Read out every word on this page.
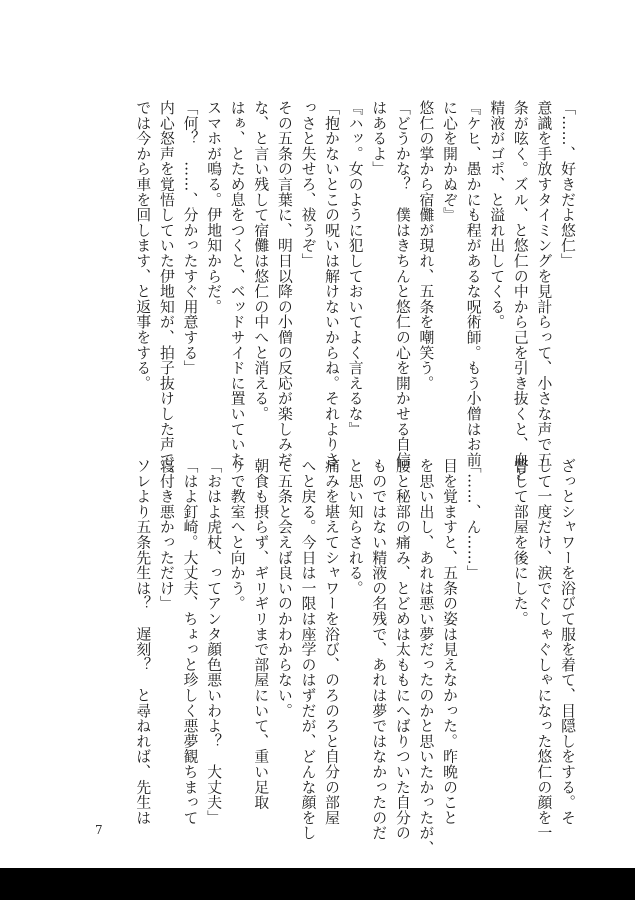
「……、好きだよ悠仁」
意識を手放すタイミングを見計らって、小さな声で五
条が呟く。ズル、と悠仁の中から己を引き抜くと、血と
精液がゴポ、と溢れ出してくる。
『ケヒ、愚かにも程があるな呪術師。もう小僧はお前
に心を開かぬぞ』
悠仁の掌から宿儺が現れ、五条を嘲笑う。
「どうかな？　僕はきちんと悠仁の心を開かせる自信
はあるよ」
『ハッ。女のように犯しておいてよく言えるな』
「抱かないとこの呪いは解けないからね。それよりさ
っさと失せろ、祓うぞ」
その五条の言葉に、明日以降の小僧の反応が楽しみだ
な、と言い残して宿儺は悠仁の中へと消える。
はぁ、とため息をつくと、ベッドサイドに置いていた
スマホが鳴る。伊地知からだ。
「何？　……、分かったすぐ用意する」
内心怒声を覚悟していた伊地知が、拍子抜けした声で、
では今から車を回します、と返事をする。
ざっとシャワーを浴びて服を着て、目隠しをする。そ
して一度だけ、涙でぐしゃぐしゃになった悠仁の顔を一
瞥して部屋を後にした。
「……、ん……」
目を覚ますと、五条の姿は見えなかった。昨晩のこと
を思い出し、あれは悪い夢だったのかと思いたかったが、
腰と秘部の痛み、とどめは太ももにへばりついた自分の
ものではない精液の名残で、あれは夢ではなかったのだ
と思い知らされる。
痛みを堪えてシャワーを浴び、のろのろと自分の部屋
へと戻る。今日は一限は座学のはずだが、どんな顔をし
て五条と会えば良いのかわからない。
朝食も摂らず、ギリギリまで部屋にいて、重い足取
りで教室へと向かう。
「おはよ虎杖、ってアンタ顔色悪いわよ？　大丈夫」
「はよ釘崎。大丈夫、ちょっと珍しく悪夢観ちまって
寝付き悪かっただけ」
ソレより五条先生は？　遅刻？　と尋ねれば、先生は
7
